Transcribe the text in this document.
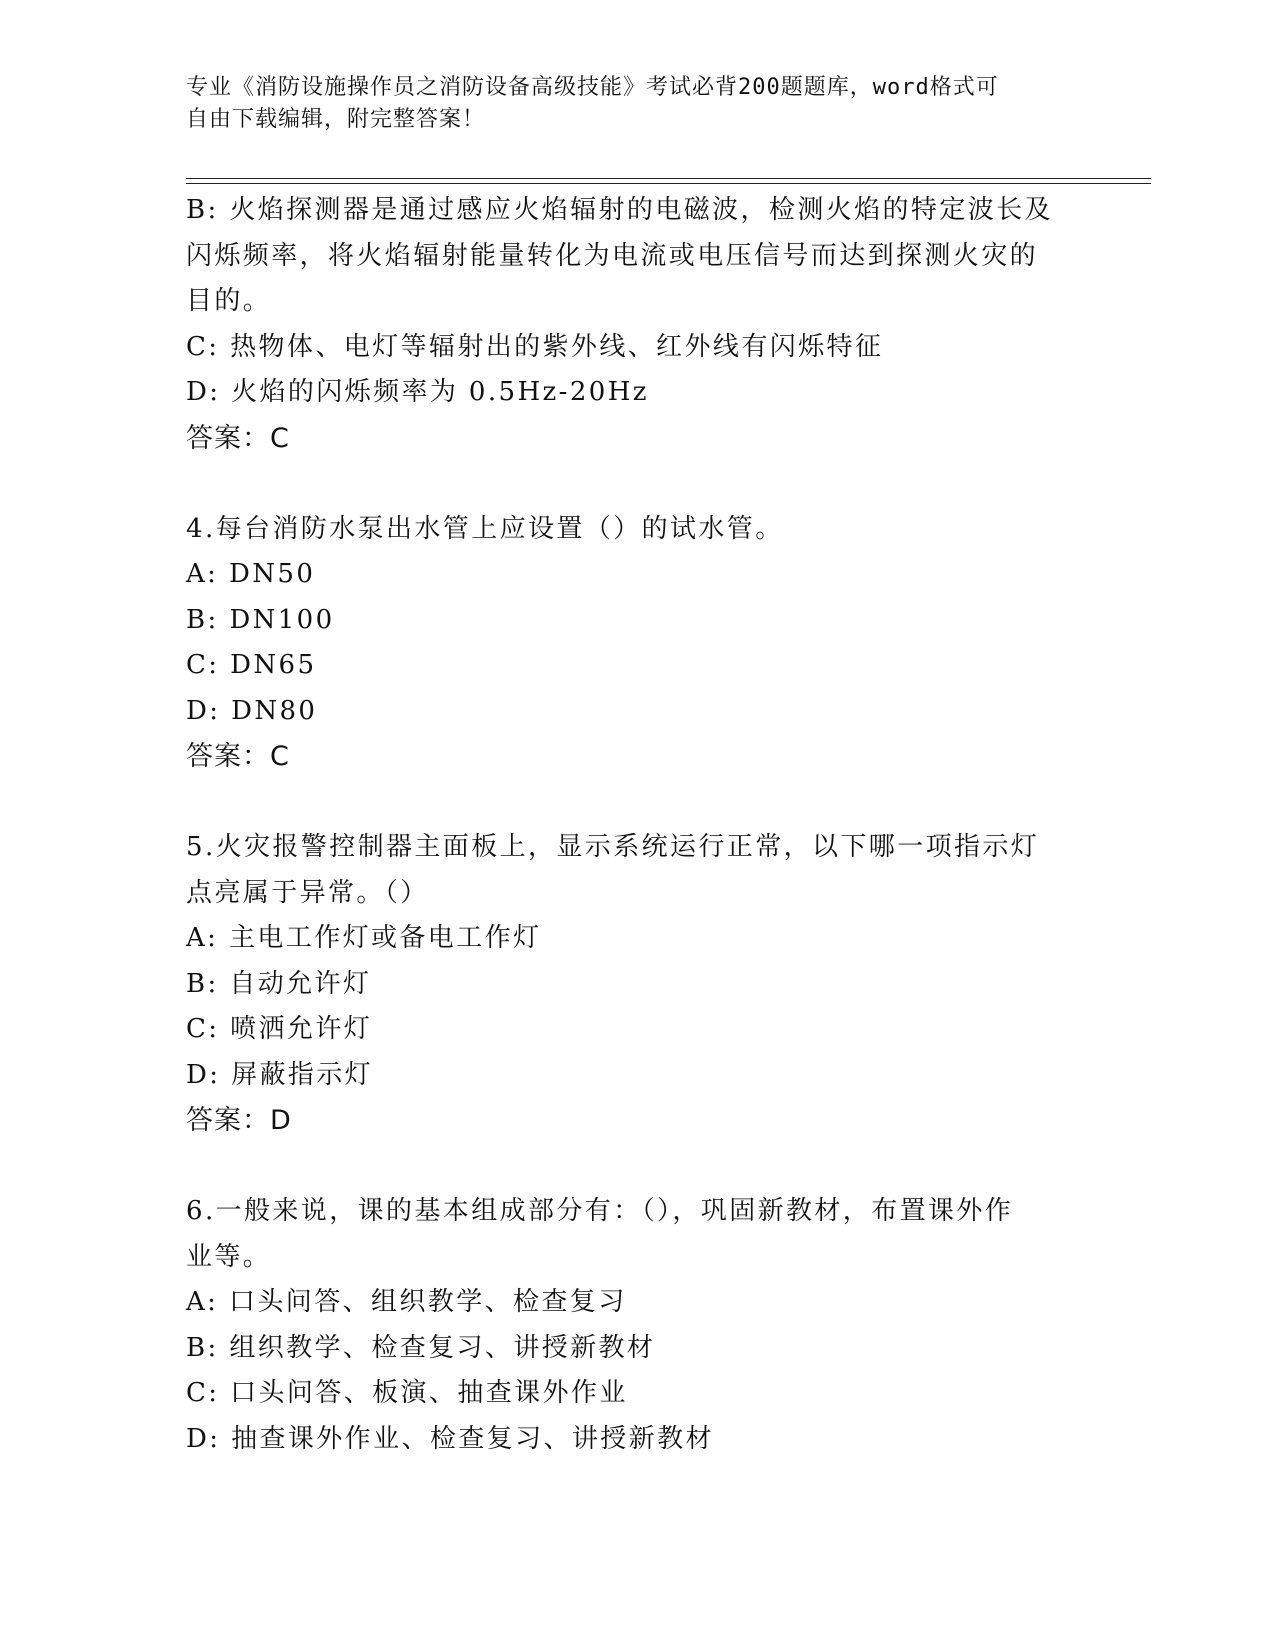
专业《消防设施操作员之消防设备高级技能》考试必背200题题库，word格式可
自由下载编辑，附完整答案！
B: 火焰探测器是通过感应火焰辐射的电磁波，检测火焰的特定波长及
闪烁频率，将火焰辐射能量转化为电流或电压信号而达到探测火灾的
目的。
C: 热物体、电灯等辐射出的紫外线、红外线有闪烁特征
D: 火焰的闪烁频率为 0.5Hz-20Hz
答案：C
4.每台消防水泵出水管上应设置（）的试水管。
A: DN50
B: DN100
C: DN65
D: DN80
答案：C
5.火灾报警控制器主面板上，显示系统运行正常，以下哪一项指示灯
点亮属于异常。（）
A: 主电工作灯或备电工作灯
B: 自动允许灯
C: 喷洒允许灯
D: 屏蔽指示灯
答案：D
6.一般来说，课的基本组成部分有：（），巩固新教材，布置课外作
业等。
A: 口头问答、组织教学、检查复习
B: 组织教学、检查复习、讲授新教材
C: 口头问答、板演、抽查课外作业
D: 抽查课外作业、检查复习、讲授新教材
